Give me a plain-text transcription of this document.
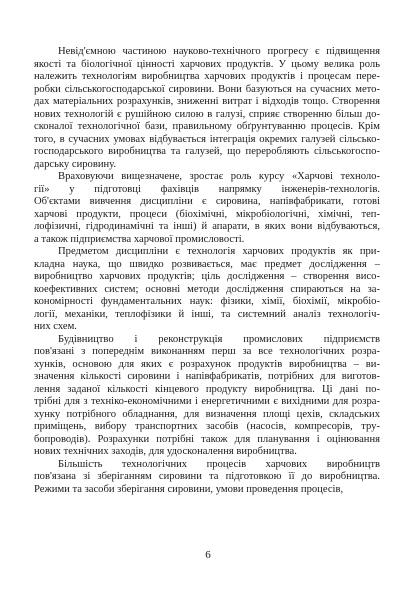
Невід'ємною частиною науково-технічного прогресу є підвищення
якості та біологічної цінності харчових продуктів. У цьому велика роль
належить технологіям виробництва харчових продуктів і процесам пере-
робки сільськогосподарської сировини. Вони базуються на сучасних мето-
дах матеріальних розрахунків, зниженні витрат і відходів тощо. Створення
нових технологій є рушійною силою в галузі, сприяє створенню більш до-
сконалої технологічної бази, правильному обґрунтуванню процесів. Крім
того, в сучасних умовах відбувається інтеграція окремих галузей сільсько-
господарського виробництва та галузей, що переробляють сільськогоспо-
дарську сировину.
Враховуючи вищезначене, зростає роль курсу «Харчові техноло-
гії» у підготовці фахівців напрямку інженерів-технологів.
Об'єктами вивчення дисципліни є сировина, напівфабрикати, готові
харчові продукти, процеси (біохімічні, мікробіологічні, хімічні, теп-
лофізичні, гідродинамічні та інші) й апарати, в яких вони відбуваються,
а також підприємства харчової промисловості.
Предметом дисципліни є технологія харчових продуктів як при-
кладна наука, що швидко розвивається, має предмет дослідження –
виробництво харчових продуктів; ціль дослідження – створення висо-
коефективних систем; основні методи дослідження спираються на за-
кономірності фундаментальних наук: фізики, хімії, біохімії, мікробіо-
логії, механіки, теплофізики й інші, та системний аналіз технологіч-
них схем.
Будівництво і реконструкція промислових підприємств
пов'язані з попереднім виконанням перш за все технологічних розра-
хунків, основою для яких є розрахунок продуктів виробництва – ви-
значення кількості сировини і напівфабрикатів, потрібних для виготов-
лення заданої кількості кінцевого продукту виробництва. Ці дані по-
трібні для з техніко-економічними і енергетичними є вихідними для розра-
хунку потрібного обладнання, для визначення площі цехів, складських
приміщень, вибору транспортних засобів (насосів, компресорів, тру-
бопроводів). Розрахунки потрібні також для планування і оцінювання
нових технічних заходів, для удосконалення виробництва.
Більшість технологічних процесів харчових виробництв
пов'язана зі зберіганням сировини та підготовкою її до виробництва.
Режими та засоби зберігання сировини, умови проведення процесів,
6
